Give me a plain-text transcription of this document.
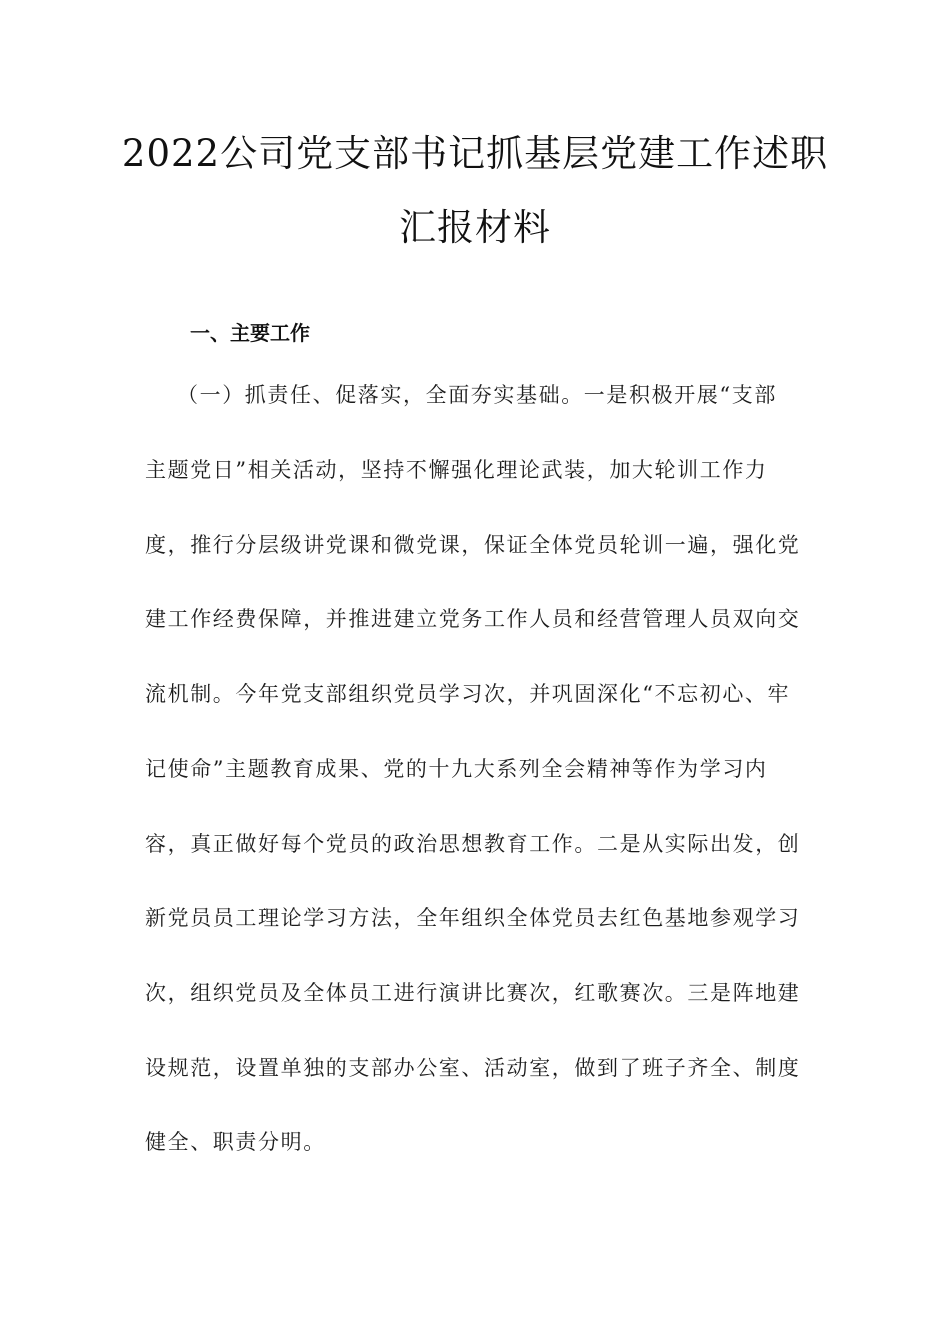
2022公司党支部书记抓基层党建工作述职
汇报材料
一、主要工作

（一）抓责任、促落实，全面夯实基础。一是积极开展“支部

主题党日”相关活动，坚持不懈强化理论武装，加大轮训工作力

度，推行分层级讲党课和微党课，保证全体党员轮训一遍，强化党

建工作经费保障，并推进建立党务工作人员和经营管理人员双向交

流机制。今年党支部组织党员学习次，并巩固深化“不忘初心、牢

记使命”主题教育成果、党的十九大系列全会精神等作为学习内

容，真正做好每个党员的政治思想教育工作。二是从实际出发，创

新党员员工理论学习方法，全年组织全体党员去红色基地参观学习

次，组织党员及全体员工进行演讲比赛次，红歌赛次。三是阵地建

设规范，设置单独的支部办公室、活动室，做到了班子齐全、制度

健全、职责分明。
